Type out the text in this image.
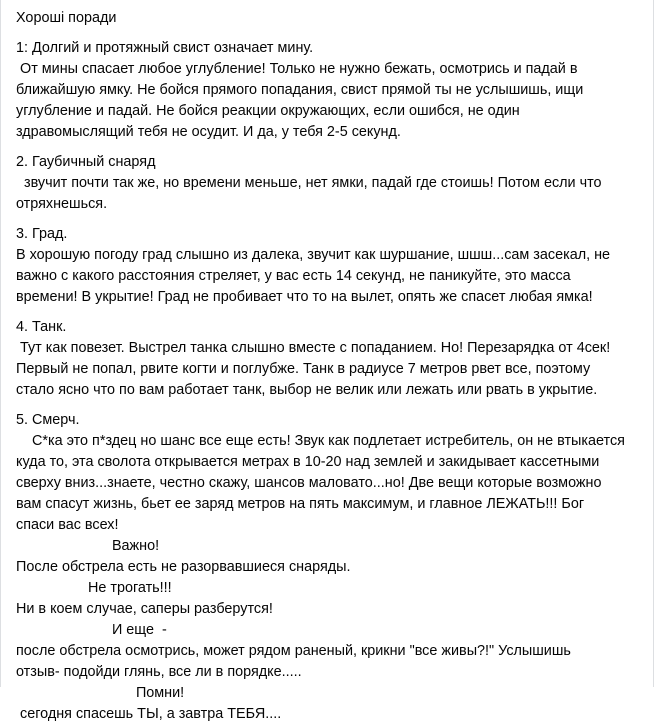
Хороші поради
1: Долгий и протяжный свист означает мину.
От мины спасает любое углубление! Только не нужно бежать, осмотрись и падай в
ближайшую ямку. Не бойся прямого попадания, свист прямой ты не услышишь, ищи
углубление и падай. Не бойся реакции окружающих, если ошибся, не один
здравомыслящий тебя не осудит. И да, у тебя 2-5 секунд.
2. Гаубичный снаряд
звучит почти так же, но времени меньше, нет ямки, падай где стоишь! Потом если что
отряхнешься.
3. Град.
В хорошую погоду град слышно из далека, звучит как шуршание, шшш...сам засекал, не
важно с какого расстояния стреляет, у вас есть 14 секунд, не паникуйте, это масса
времени! В укрытие! Град не пробивает что то на вылет, опять же спасет любая ямка!
4. Танк.
Тут как повезет. Выстрел танка слышно вместе с попаданием. Но! Перезарядка от 4сек!
Первый не попал, рвите когти и поглубже. Танк в радиусе 7 метров рвет все, поэтому
стало ясно что по вам работает танк, выбор не велик или лежать или рвать в укрытие.
5. Смерч.
С*ка это п*здец но шанс все еще есть! Звук как подлетает истребитель, он не втыкается
куда то, эта сволота открывается метрах в 10-20 над землей и закидывает кассетными
сверху вниз...знаете, честно скажу, шансов маловато...но! Две вещи которые возможно
вам спасут жизнь, бьет ее заряд метров на пять максимум, и главное ЛЕЖАТЬ!!! Бог
спаси вас всех!
Важно!
После обстрела есть не разорвавшиеся снаряды.
Не трогать!!!
Ни в коем случае, саперы разберутся!
И еще  -
после обстрела осмотрись, может рядом раненый, крикни "все живы?!" Услышишь
отзыв- подойди глянь, все ли в порядке.....
Помни!
сегодня спасешь ТЫ, а завтра ТЕБЯ....
